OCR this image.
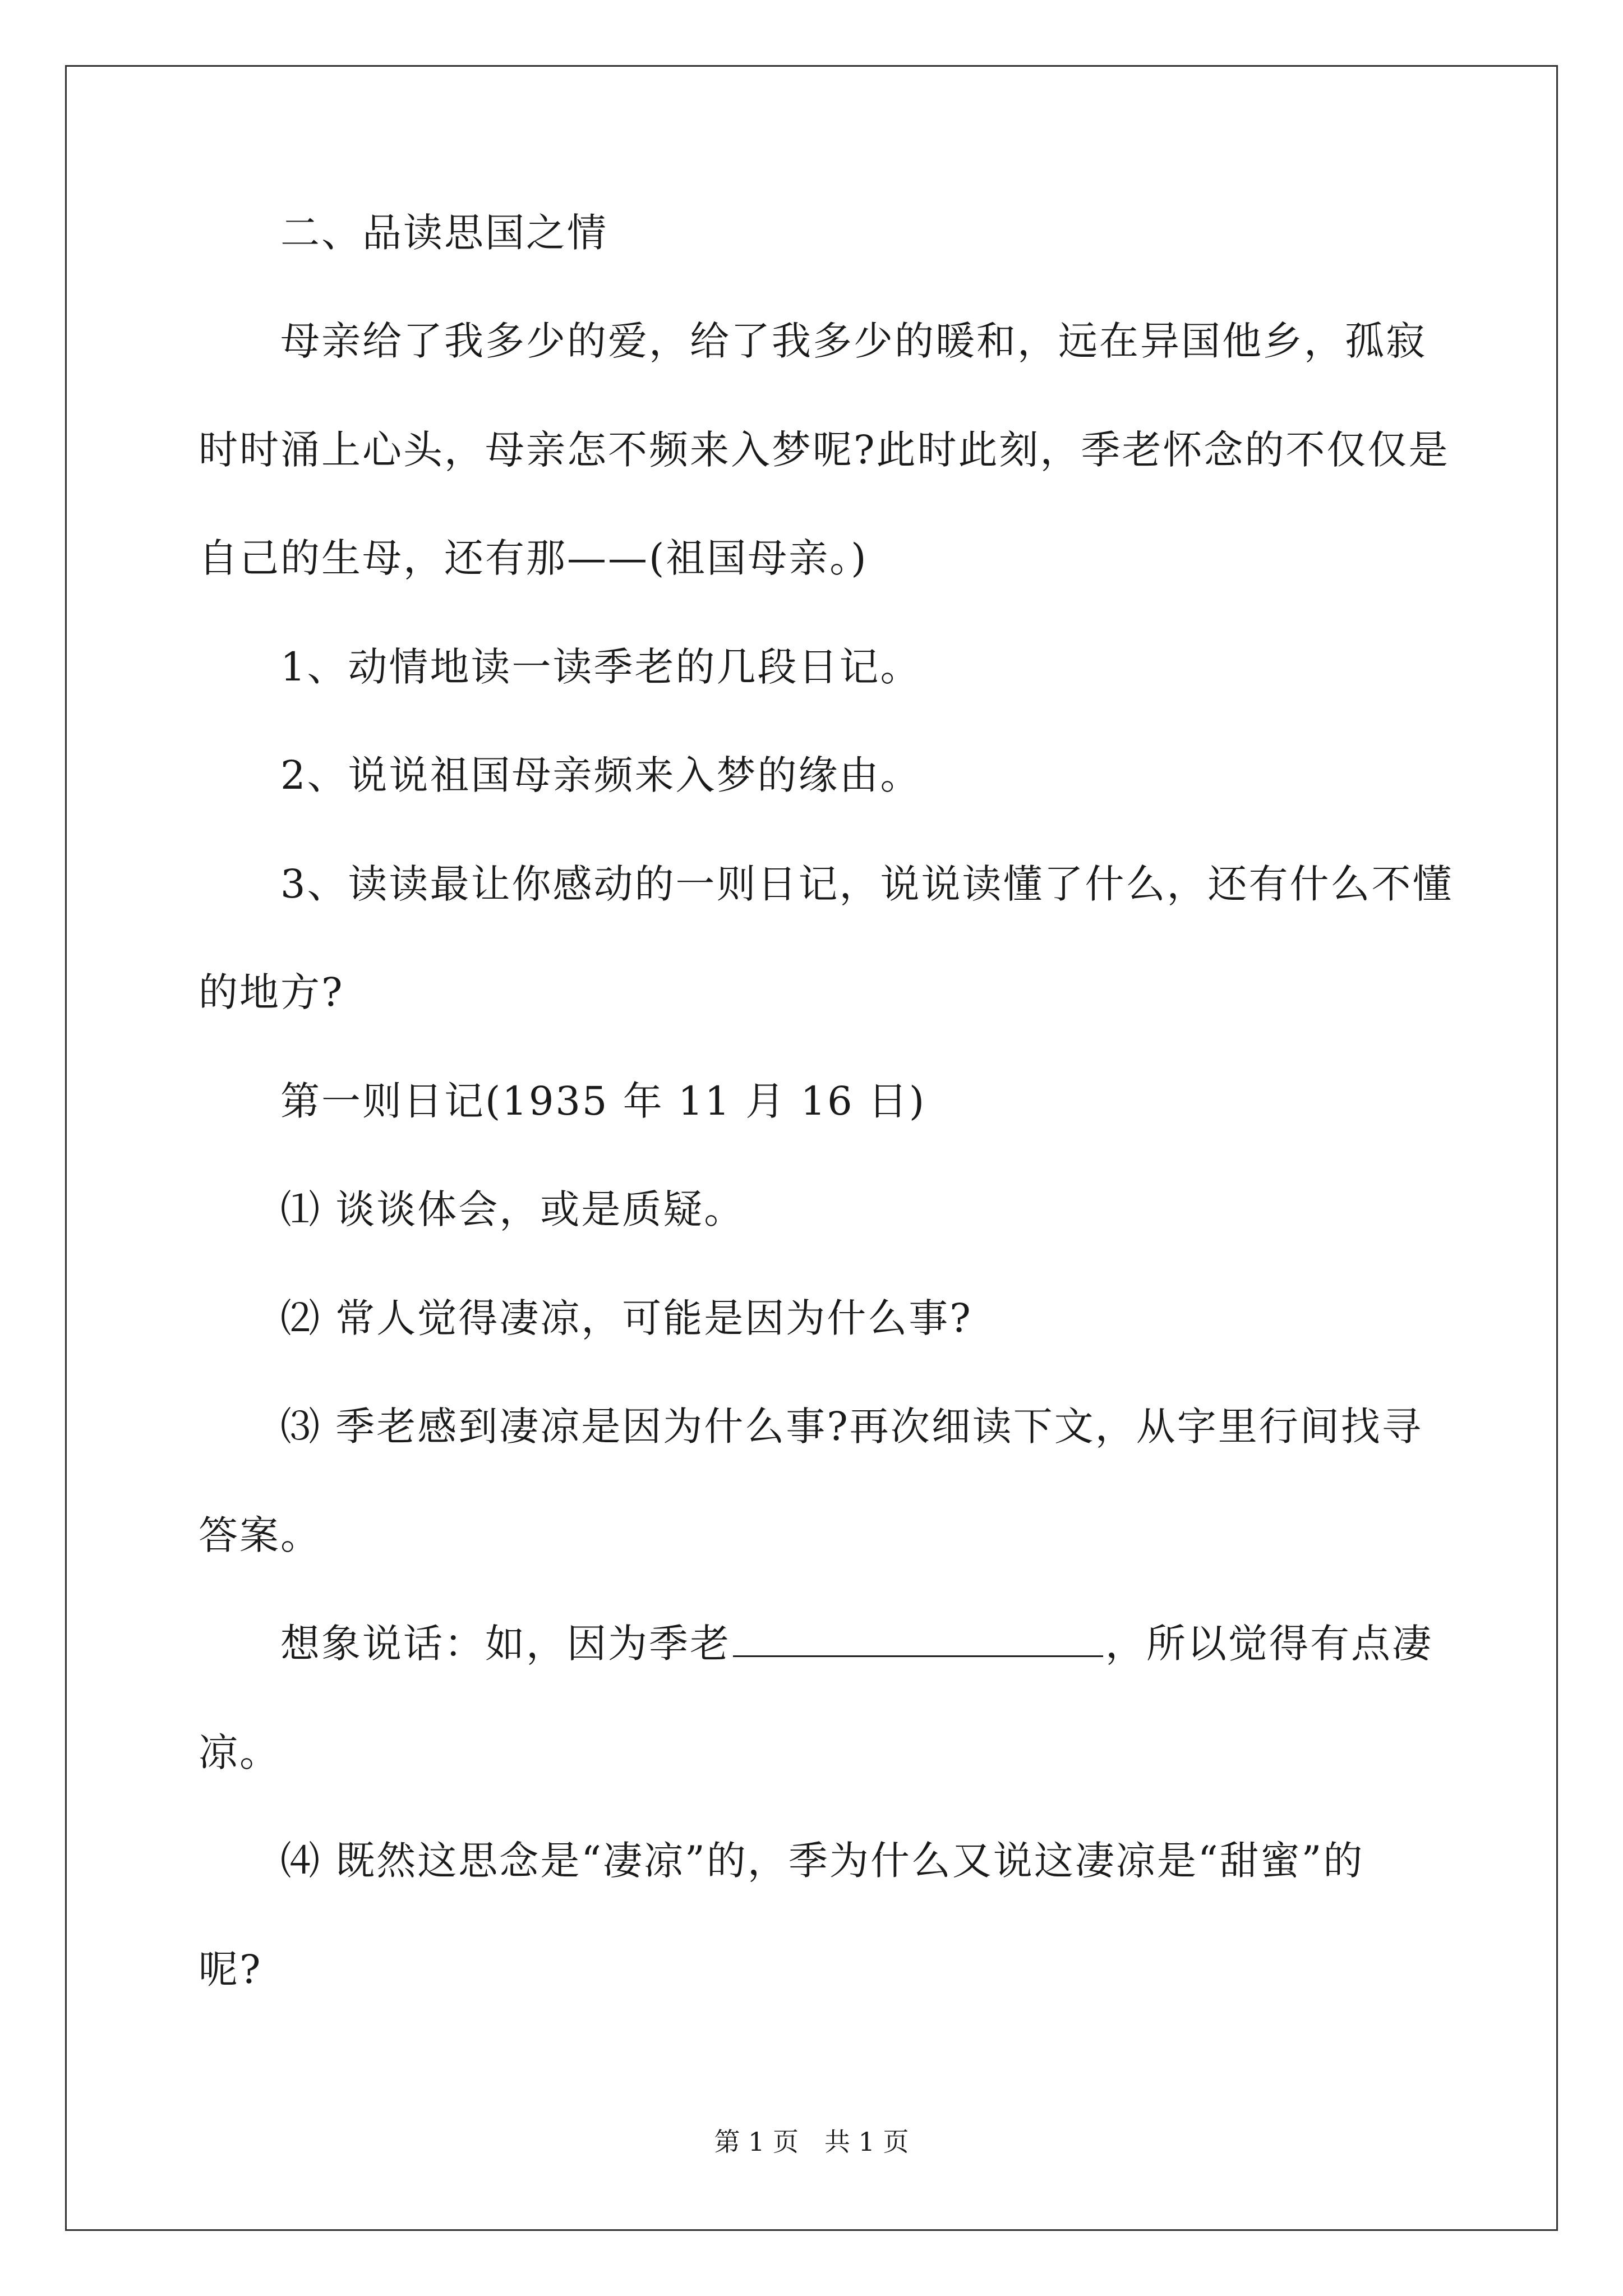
二、品读思国之情
母亲给了我多少的爱，给了我多少的暖和，远在异国他乡，孤寂
时时涌上心头，母亲怎不频来入梦呢?此时此刻，季老怀念的不仅仅是
自己的生母，还有那——(祖国母亲。)
1、动情地读一读季老的几段日记。
2、说说祖国母亲频来入梦的缘由。
3、读读最让你感动的一则日记，说说读懂了什么，还有什么不懂
的地方?
第一则日记(1935 年 11 月 16 日)
⑴ 谈谈体会，或是质疑。
⑵ 常人觉得凄凉，可能是因为什么事?
⑶ 季老感到凄凉是因为什么事?再次细读下文，从字里行间找寻
答案。
想象说话：如，因为季老	，所以觉得有点凄
凉。
⑷ 既然这思念是“凄凉”的，季为什么又说这凄凉是“甜蜜”的
呢?
第 1 页　共 1 页
